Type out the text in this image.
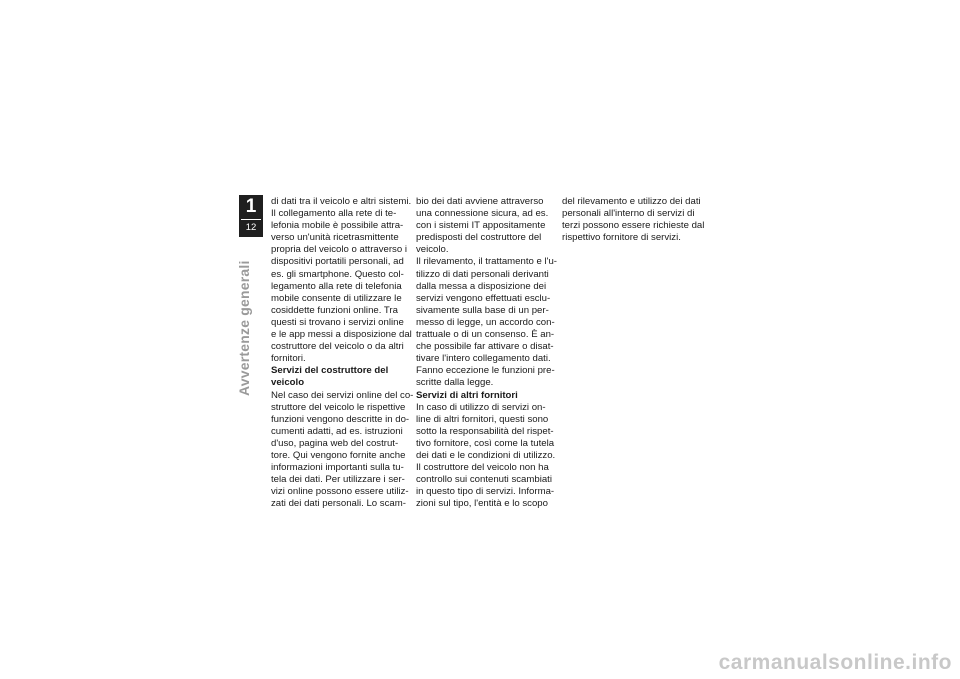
1
12
Avvertenze generali
di dati tra il veicolo e altri sistemi.
Il collegamento alla rete di te-
lefonia mobile è possibile attra-
verso un'unità ricetrasmittente
propria del veicolo o attraverso i
dispositivi portatili personali, ad
es. gli smartphone. Questo col-
legamento alla rete di telefonia
mobile consente di utilizzare le
cosiddette funzioni online. Tra
questi si trovano i servizi online
e le app messi a disposizione dal
costruttore del veicolo o da altri
fornitori.
Servizi del costruttore del
veicolo
Nel caso dei servizi online del co-
struttore del veicolo le rispettive
funzioni vengono descritte in do-
cumenti adatti, ad es. istruzioni
d'uso, pagina web del costrut-
tore. Qui vengono fornite anche
informazioni importanti sulla tu-
tela dei dati. Per utilizzare i ser-
vizi online possono essere utiliz-
zati dei dati personali. Lo scam-
bio dei dati avviene attraverso
una connessione sicura, ad es.
con i sistemi IT appositamente
predisposti del costruttore del
veicolo.
Il rilevamento, il trattamento e l'u-
tilizzo di dati personali derivanti
dalla messa a disposizione dei
servizi vengono effettuati esclu-
sivamente sulla base di un per-
messo di legge, un accordo con-
trattuale o di un consenso. È an-
che possibile far attivare o disat-
tivare l'intero collegamento dati.
Fanno eccezione le funzioni pre-
scritte dalla legge.
Servizi di altri fornitori
In caso di utilizzo di servizi on-
line di altri fornitori, questi sono
sotto la responsabilità del rispet-
tivo fornitore, così come la tutela
dei dati e le condizioni di utilizzo.
Il costruttore del veicolo non ha
controllo sui contenuti scambiati
in questo tipo di servizi. Informa-
zioni sul tipo, l'entità e lo scopo
del rilevamento e utilizzo dei dati
personali all'interno di servizi di
terzi possono essere richieste dal
rispettivo fornitore di servizi.
carmanualsonline.info
